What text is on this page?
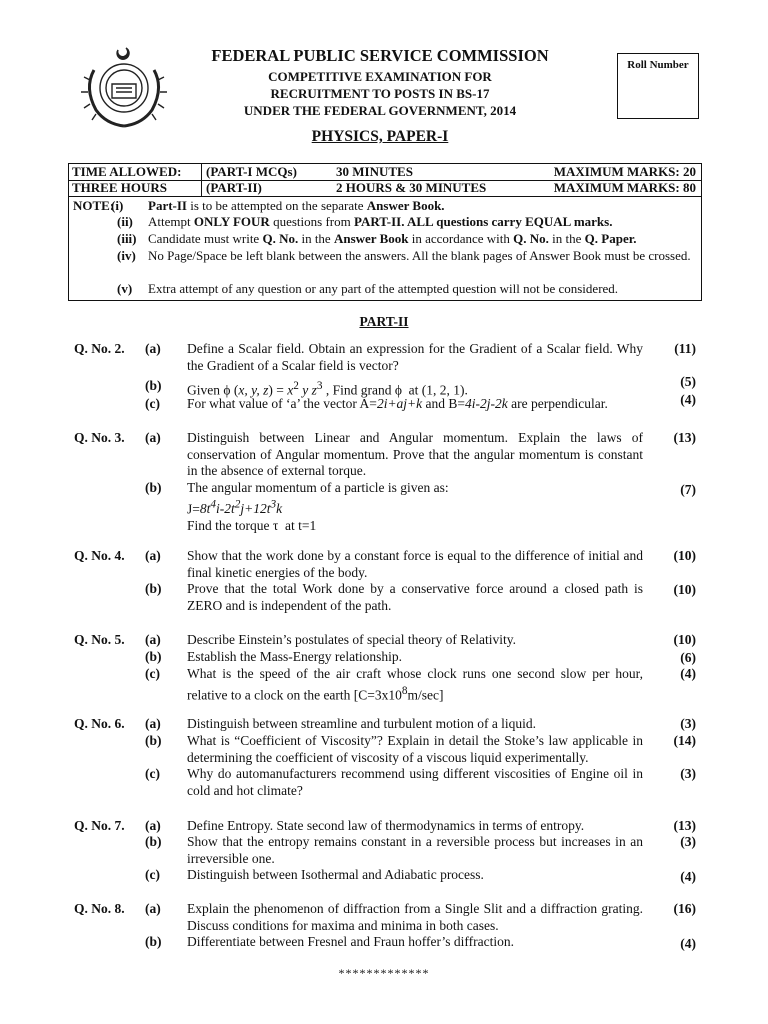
FEDERAL PUBLIC SERVICE COMMISSION
COMPETITIVE EXAMINATION FOR
RECRUITMENT TO POSTS IN BS-17
UNDER THE FEDERAL GOVERNMENT, 2014
PHYSICS, PAPER-I
Roll Number
TIME ALLOWED:
THREE HOURS
(PART-I MCQs)	30 MINUTES	MAXIMUM MARKS: 20
(PART-II)	2 HOURS & 30 MINUTES	MAXIMUM MARKS: 80
NOTE:
(i) Part-II is to be attempted on the separate Answer Book.
(ii) Attempt ONLY FOUR questions from PART-II. ALL questions carry EQUAL marks.
(iii) Candidate must write Q. No. in the Answer Book in accordance with Q. No. in the Q. Paper.
(iv) No Page/Space be left blank between the answers. All the blank pages of Answer Book must be crossed.
(v) Extra attempt of any question or any part of the attempted question will not be considered.
PART-II
Q. No. 2. (a) Define a Scalar field. Obtain an expression for the Gradient of a Scalar field. Why the Gradient of a Scalar field is vector?
(11)
(b) Given ϕ (x, y, $z) = x^2$ y $z^3$ , Find grand ϕ  at (1, 2, 1).
(5)
(c) For what value of ‘a’ the vector A=2i+aj+k and B=4i-2j-2k are perpendicular.	(4)
Q. No. 3. (a) Distinguish between Linear and Angular momentum. Explain the laws of conservation of Angular momentum. Prove that the angular momentum is constant in the absence of external torque.
(13)
(b) The angular momentum of a particle is given as:
$J=8t^4i-2t^2j+12t^3k$
Find the torque τ  at t=1
(7)
Q. No. 4. (a) Show that the work done by a constant force is equal to the difference of initial and final kinetic energies of the body.
(10)
(b) Prove that the total Work done by a conservative force around a closed path is ZERO and is independent of the path.
(10)
Q. No. 5. (a) Describe Einstein’s postulates of special theory of Relativity.	(10)
(b) Establish the Mass-Energy relationship.	(6)
(c) What is the speed of the air craft whose clock runs one second slow per hour, relative to a clock on the earth $[C=3x10^8m/\sec]$
(4)
Q. No. 6. (a) Distinguish between streamline and turbulent motion of a liquid.	(3)
(b) What is “Coefficient of Viscosity”? Explain in detail the Stoke’s law applicable in determining the coefficient of viscosity of a viscous liquid experimentally.
(14)
(c) Why do automanufacturers recommend using different viscosities of Engine oil in cold and hot climate?
(3)
Q. No. 7. (a) Define Entropy. State second law of thermodynamics in terms of entropy.	(13)
(b) Show that the entropy remains constant in a reversible process but increases in an irreversible one.
(3)
(c) Distinguish between Isothermal and Adiabatic process.	(4)
Q. No. 8. (a) Explain the phenomenon of diffraction from a Single Slit and a diffraction grating. Discuss conditions for maxima and minima in both cases.
(16)
(b) Differentiate between Fresnel and Fraun hoffer’s diffraction.	(4)
*************
